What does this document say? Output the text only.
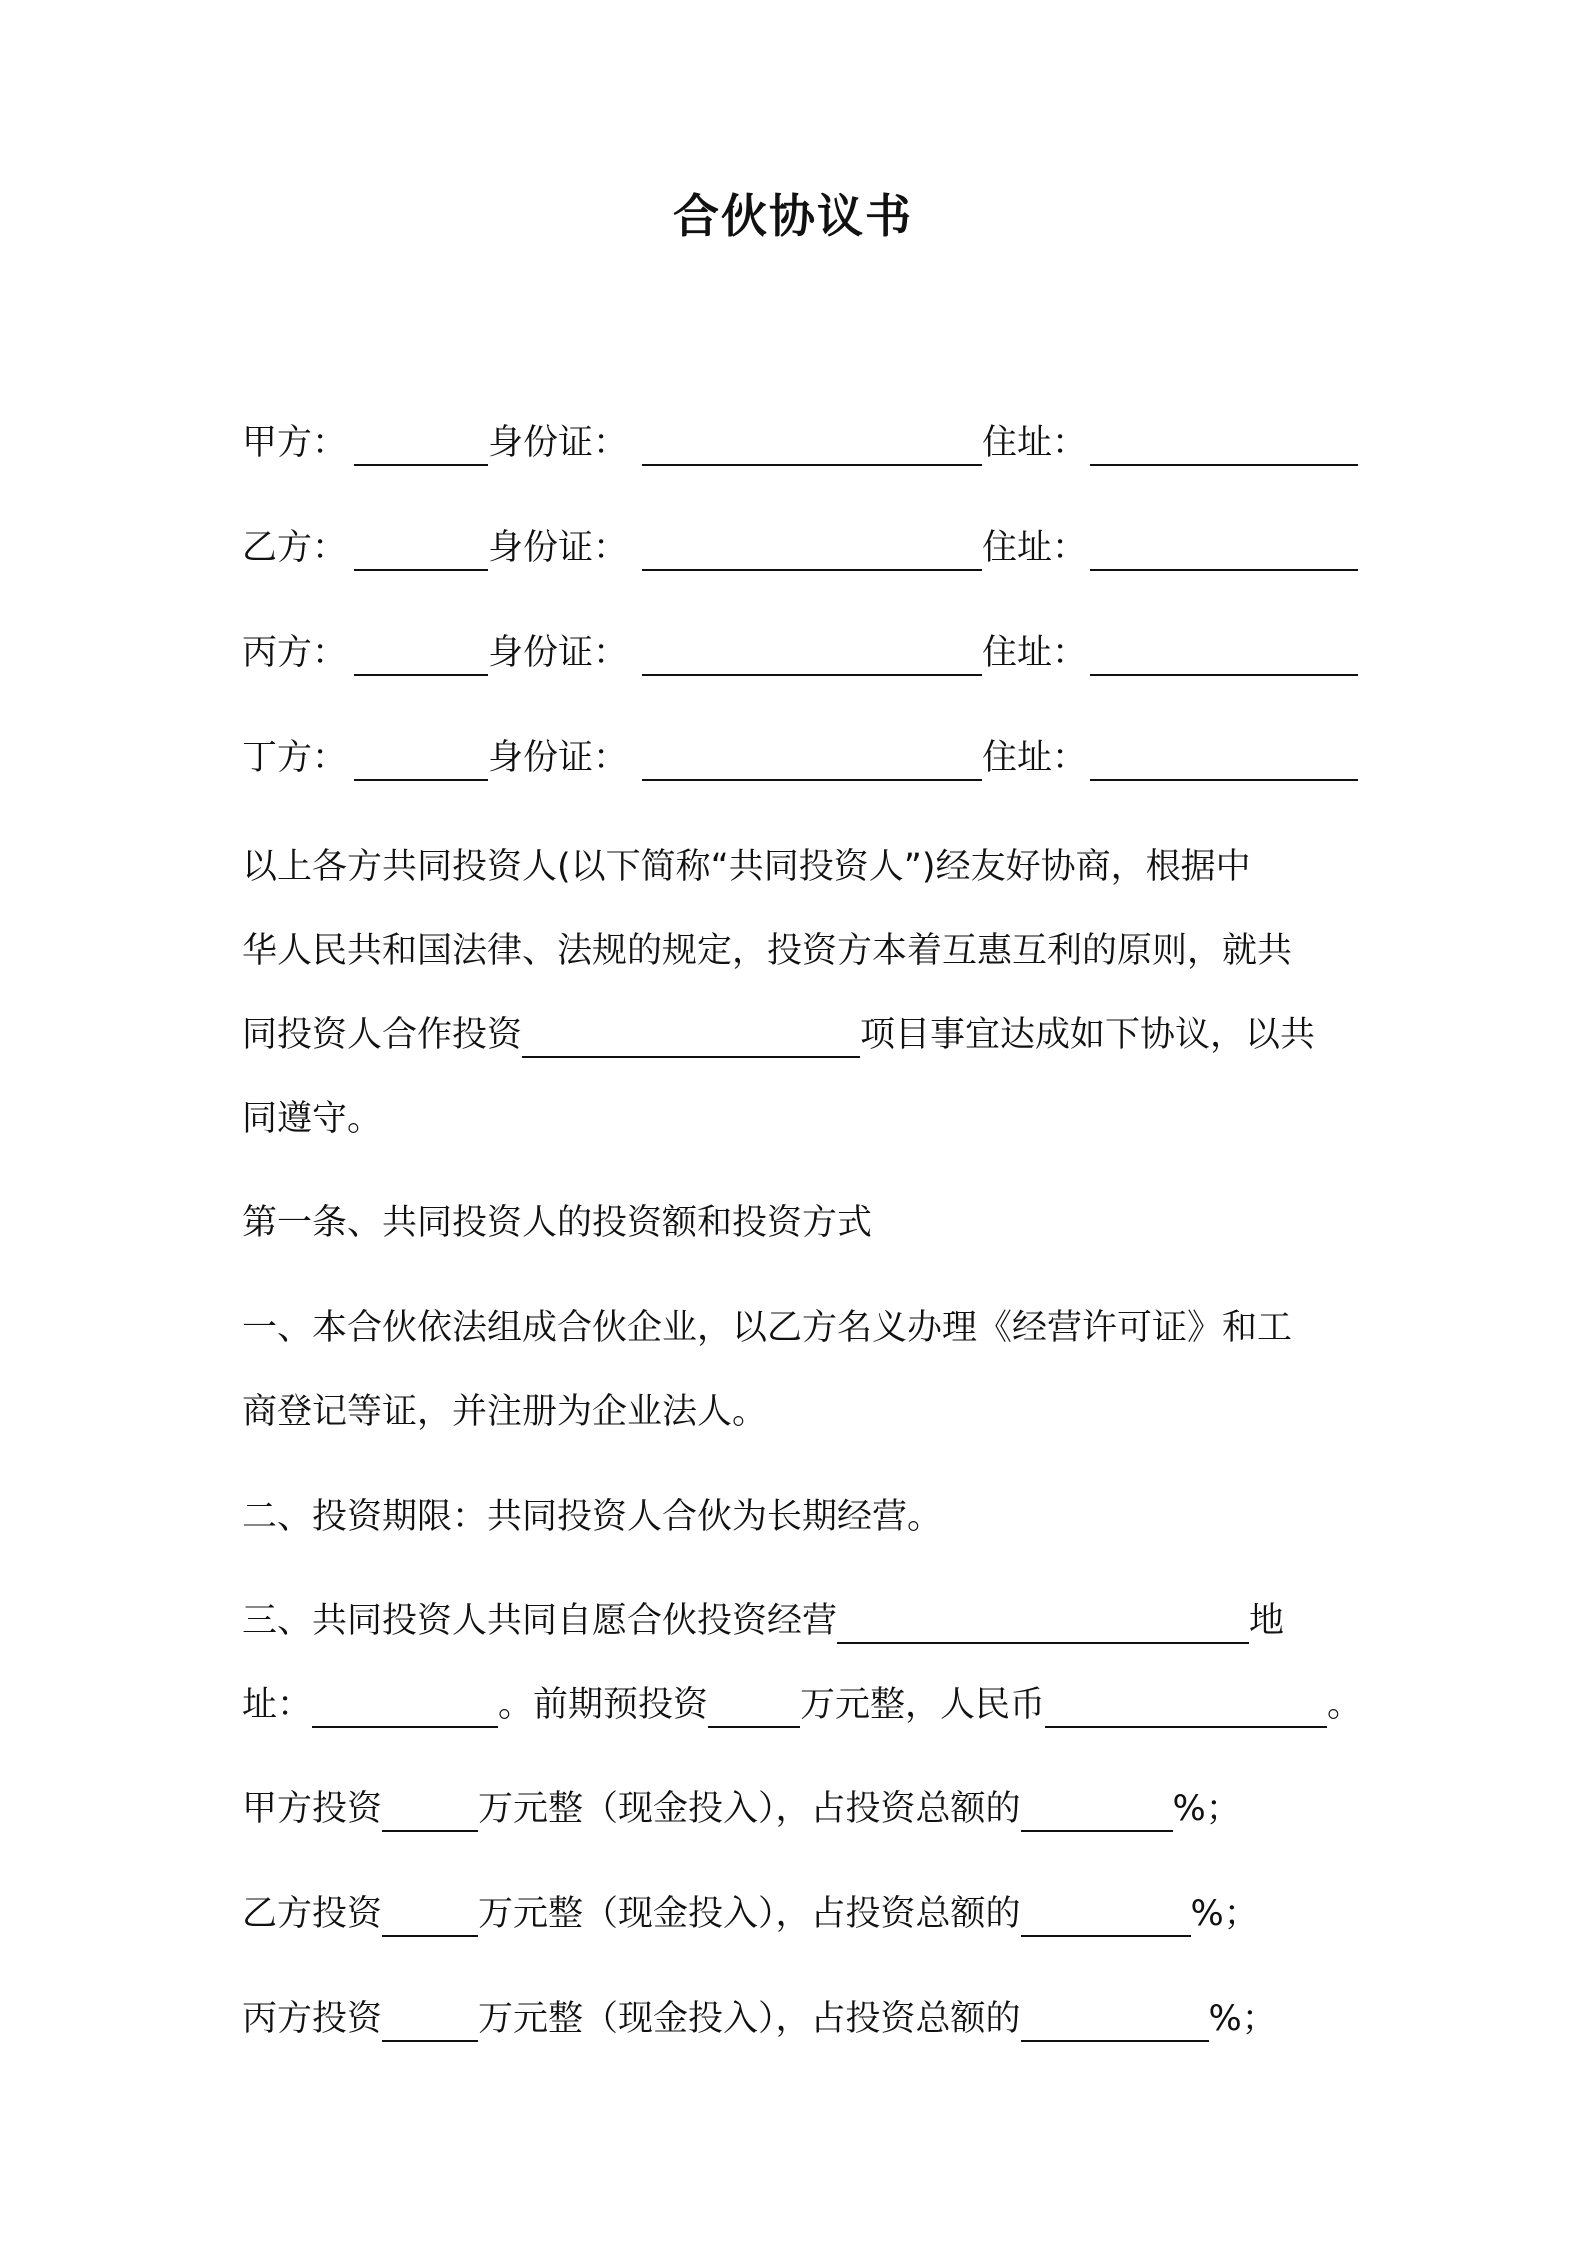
合伙协议书
甲方：	身份证：	住址：
乙方：	身份证：	住址：
丙方：	身份证：	住址：
丁方：	身份证：	住址：
以上各方共同投资人(以下简称“共同投资人”)经友好协商，根据中
华人民共和国法律、法规的规定，投资方本着互惠互利的原则，就共
同投资人合作投资	项目事宜达成如下协议，以共
同遵守。
第一条、共同投资人的投资额和投资方式
一、本合伙依法组成合伙企业，以乙方名义办理《经营许可证》和工
商登记等证，并注册为企业法人。
二、投资期限：共同投资人合伙为长期经营。
三、共同投资人共同自愿合伙投资经营	地
址：	。前期预投资	万元整，人民币	。
甲方投资	万元整（现金投入），占投资总额的	%；
乙方投资	万元整（现金投入），占投资总额的	%；
丙方投资	万元整（现金投入），占投资总额的	%；
